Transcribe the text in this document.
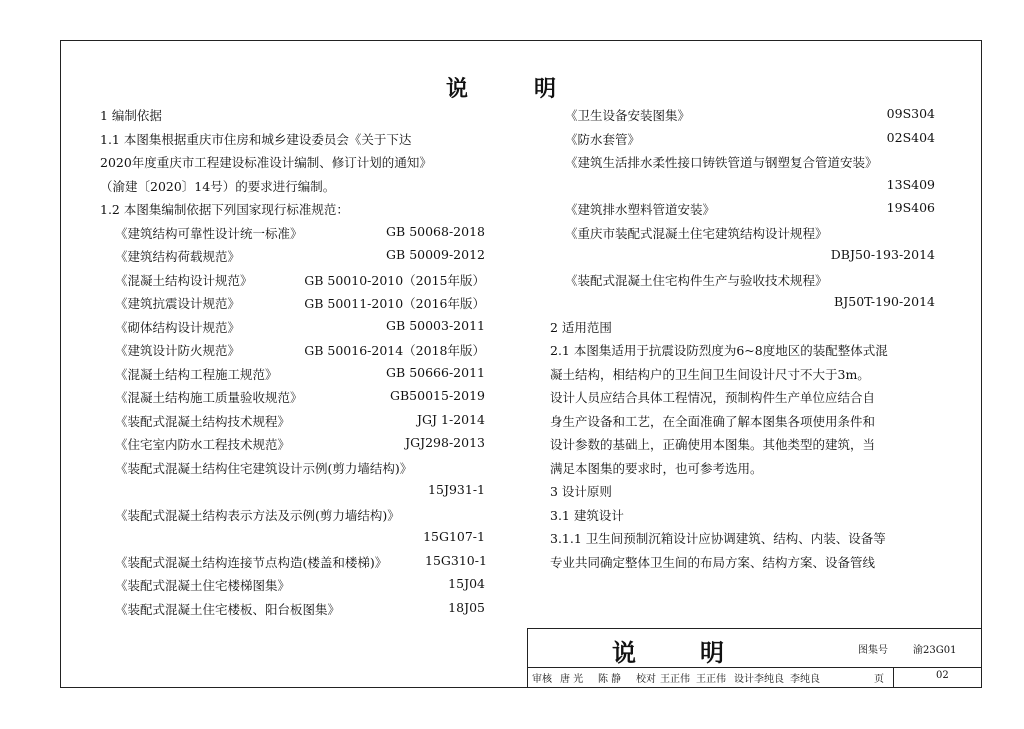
说　明
1 编制依据
1.1 本图集根据重庆市住房和城乡建设委员会《关于下达
2020年度重庆市工程建设标准设计编制、修订计划的通知》
（渝建〔2020〕14号）的要求进行编制。
1.2 本图集编制依据下列国家现行标准规范：
《建筑结构可靠性设计统一标准》	GB 50068-2018
《建筑结构荷载规范》	GB 50009-2012
《混凝土结构设计规范》	GB 50010-2010（2015年版）
《建筑抗震设计规范》	GB 50011-2010（2016年版）
《砌体结构设计规范》	GB 50003-2011
《建筑设计防火规范》	GB 50016-2014（2018年版）
《混凝土结构工程施工规范》	GB 50666-2011
《混凝土结构施工质量验收规范》	GB50015-2019
《装配式混凝土结构技术规程》	JGJ 1-2014
《住宅室内防水工程技术规范》	JGJ298-2013
《装配式混凝土结构住宅建筑设计示例(剪力墙结构)》
15J931-1
《装配式混凝土结构表示方法及示例(剪力墙结构)》
15G107-1
《装配式混凝土结构连接节点构造(楼盖和楼梯)》	15G310-1
《装配式混凝土住宅楼梯图集》	15J04
《装配式混凝土住宅楼板、阳台板图集》	18J05
《卫生设备安装图集》	09S304
《防水套管》	02S404
《建筑生活排水柔性接口铸铁管道与钢塑复合管道安装》
13S409
《建筑排水塑料管道安装》	19S406
《重庆市装配式混凝土住宅建筑结构设计规程》
DBJ50-193-2014
《装配式混凝土住宅构件生产与验收技术规程》
BJ50T-190-2014
2 适用范围
2.1 本图集适用于抗震设防烈度为6~8度地区的装配整体式混
凝土结构，相结构户的卫生间卫生间设计尺寸不大于3m。
设计人员应结合具体工程情况，预制构件生产单位应结合自
身生产设备和工艺，在全面准确了解本图集各项使用条件和
设计参数的基础上，正确使用本图集。其他类型的建筑，当
满足本图集的要求时，也可参考选用。
3 设计原则
3.1 建筑设计
3.1.1 卫生间预制沉箱设计应协调建筑、结构、内装、设备等
专业共同确定整体卫生间的布局方案、结构方案、设备管线
说　明	图集号	渝23G01
审核 唐 光 陈 静 校对 王正伟 王正伟 设计 李纯良 李纯良	页	02
